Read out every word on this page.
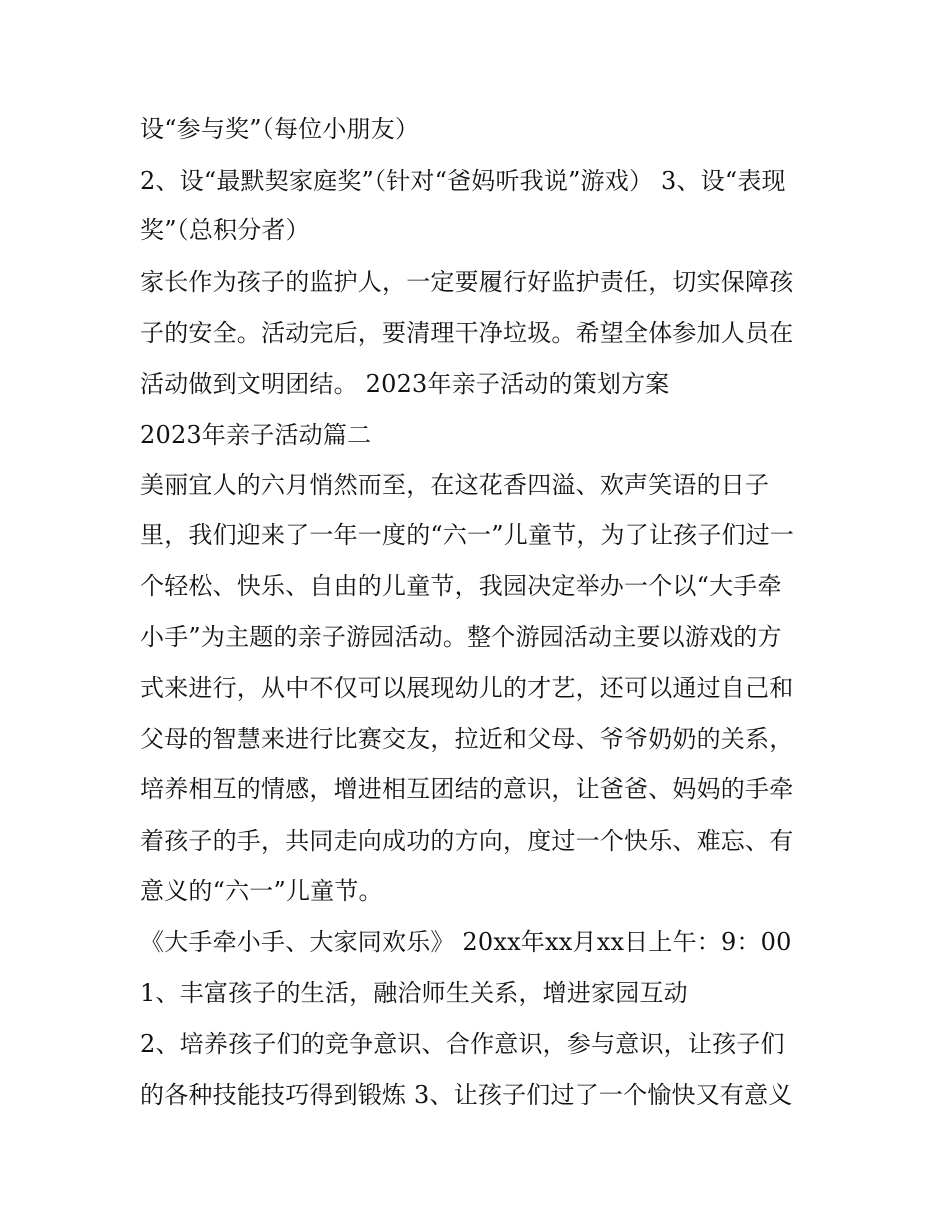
设“参与奖”（每位小朋友）
2、设“最默契家庭奖”（针对“爸妈听我说”游戏） 3、设“表现
奖”（总积分者）
家长作为孩子的监护人，一定要履行好监护责任，切实保障孩
子的安全。活动完后，要清理干净垃圾。希望全体参加人员在
活动做到文明团结。 2023年亲子活动的策划方案
2023年亲子活动篇二
美丽宜人的六月悄然而至，在这花香四溢、欢声笑语的日子
里，我们迎来了一年一度的“六一”儿童节，为了让孩子们过一
个轻松、快乐、自由的儿童节，我园决定举办一个以“大手牵
小手”为主题的亲子游园活动。整个游园活动主要以游戏的方
式来进行，从中不仅可以展现幼儿的才艺，还可以通过自己和
父母的智慧来进行比赛交友，拉近和父母、爷爷奶奶的关系，
培养相互的情感，增进相互团结的意识，让爸爸、妈妈的手牵
着孩子的手，共同走向成功的方向，度过一个快乐、难忘、有
意义的“六一”儿童节。
《大手牵小手、大家同欢乐》 20xx年xx月xx日上午：9：00
1、丰富孩子的生活，融洽师生关系，增进家园互动
2、培养孩子们的竞争意识、合作意识，参与意识，让孩子们
的各种技能技巧得到锻炼 3、让孩子们过了一个愉快又有意义
